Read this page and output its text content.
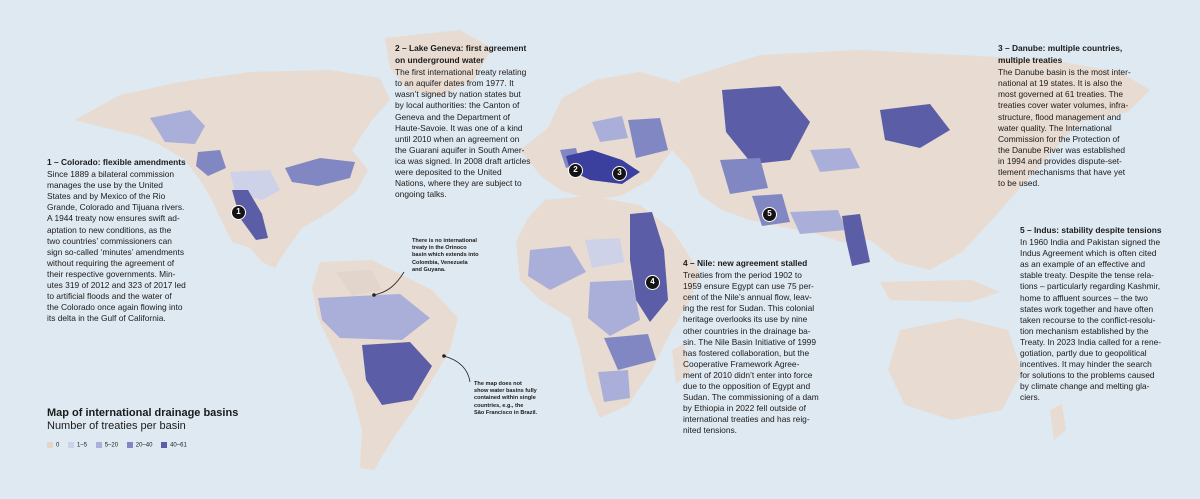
1
2	3
4
5
1 – Colorado: flexible amendments
Since 1889 a bilateral commission
manages the use by the United
States and by Mexico of the Rio
Grande, Colorado and Tijuana rivers.
A 1944 treaty now ensures swift ad-
aptation to new conditions, as the
two countries’ commissioners can
sign so-called ‘minutes’ amendments
without requiring the agreement of
their respective governments. Min-
utes 319 of 2012 and 323 of 2017 led
to artificial floods and the water of
the Colorado once again flowing into
its delta in the Gulf of California.
2 – Lake Geneva: first agreement
on underground water
The first international treaty relating
to an aquifer dates from 1977. It
wasn’t signed by nation states but
by local authorities: the Canton of
Geneva and the Department of
Haute-Savoie. It was one of a kind
until 2010 when an agreement on
the Guarani aquifer in South Amer-
ica was signed. In 2008 draft articles
were deposited to the United
Nations, where they are subject to
ongoing talks.
3 – Danube: multiple countries,
multiple treaties
The Danube basin is the most inter-
national at 19 states. It is also the
most governed at 61 treaties. The
treaties cover water volumes, infra-
structure, flood management and
water quality. The International
Commission for the Protection of
the Danube River was established
in 1994 and provides dispute-set-
tlement mechanisms that have yet
to be used.
4 – Nile: new agreement stalled
Treaties from the period 1902 to
1959 ensure Egypt can use 75 per-
cent of the Nile’s annual flow, leav-
ing the rest for Sudan. This colonial
heritage overlooks its use by nine
other countries in the drainage ba-
sin. The Nile Basin Initiative of 1999
has fostered collaboration, but the
Cooperative Framework Agree-
ment of 2010 didn’t enter into force
due to the opposition of Egypt and
Sudan. The commissioning of a dam
by Ethiopia in 2022 fell outside of
international treaties and has reig-
nited tensions.
5 – Indus: stability despite tensions
In 1960 India and Pakistan signed the
Indus Agreement which is often cited
as an example of an effective and
stable treaty. Despite the tense rela-
tions – particularly regarding Kashmir,
home to affluent sources – the two
states work together and have often
taken recourse to the conflict-resolu-
tion mechanism established by the
Treaty. In 2023 India called for a rene-
gotiation, partly due to geopolitical
incentives. It may hinder the search
for solutions to the problems caused
by climate change and melting gla-
ciers.
There is no international
treaty in the Orinoco
basin which extends into
Colombia, Venezuela
and Guyana.
The map does not
show water basins fully
contained within single
countries, e.g., the
São Francisco in Brazil.
Map of international drainage basins
Number of treaties per basin
0	1–5	5–20	20–40	40–61
